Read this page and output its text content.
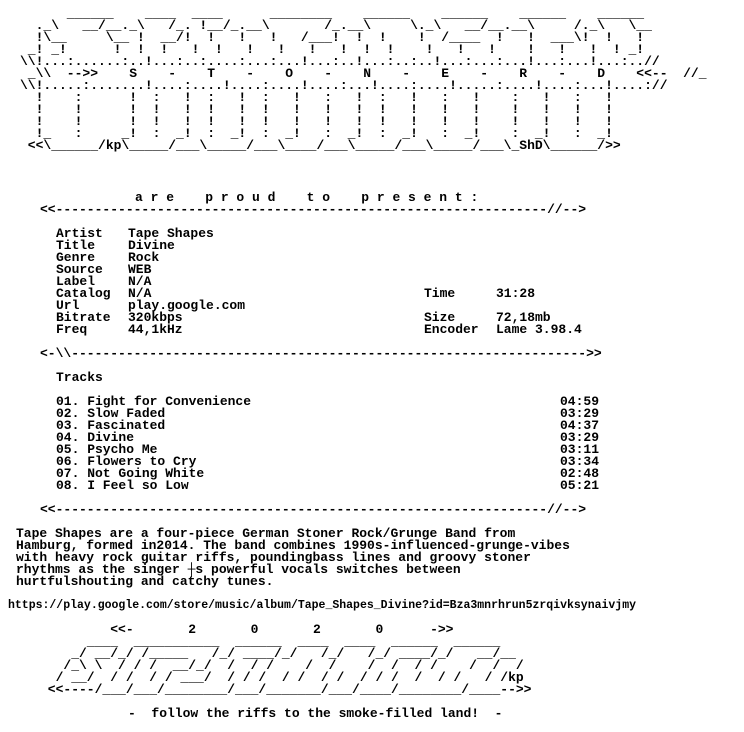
______    ____  ____      ________    ______    ______    ______    ______
._\   __/__._\   /_. !__/_.__\       /_.__\     \._\   __/__.__\     /._\   \__
!\__     \__ !  __/!  !   !   !   /___!  !  !    !  /____  !   !  ___\!  !   !
_! _!      !  !  !   !  !   !   !   !   !  !  !    !   !   !    !   !   !  ! _!
\\!...:......:..!...:..:....:...:...!...:..!...:..:..!...:...:...!...:...!...:..//
_\\  -->>    S    -    T    -    O    -    N    -    E    -    R    -    D    <<--  //_
\\!.....:.......!....:....!....:....!....:...!....:....!.....:....!....:...!....://
!    :      !  :   !  :   !  :   !   :   !  :   !   :   !    :   !   :   !
!    !      !  !   !  !   !  !   !   !   !  !   !   !   !    !   !   !   !
!    !      !  !   !  !   !  !   !   !   !  !   !   !   !    !   !   !   !
!_   :     _!  :  _!  :  _!  :  _!   :  _!  :  _!   :  _!    :  _!   :  _!
<<\______/kp\_____/___\_____/___\____/___\_____/___\_____/___\_ShD\______/>>
a r e    p r o u d    t o    p r e s e n t :
<<---------------------------------------------------------------//-->
Artist Tape Shapes
Title	Divine
Genre	Rock
Source WEB
Label	N/A
Catalog N/A
Url	play.google.com
Bitrate 320kbps
Freq	44,1kHz
Time	31:28
Size	72,18mb
Encoder Lame 3.98.4
<-\\------------------------------------------------------------------>>
Tracks
01. Fight for Convenience	04:59
02. Slow Faded	03:29
03. Fascinated	04:37
04. Divine	03:29
05. Psycho Me	03:11
06. Flowers to Cry	03:34
07. Not Going White	02:48
08. I Feel so Low	05:21
<<---------------------------------------------------------------//-->
Tape Shapes are a four-piece German Stoner Rock/Grunge Band from
Hamburg, formed in2014. The band combines 1990s-influenced-grunge-vibes
with heavy rock guitar riffs, poundingbass lines and groovy stoner
rhythms as the singer ┼s powerful vocals switches between
hurtfulshouting and catchy tunes.
https://play.google.com/store/music/album/Tape_Shapes_Divine?id=Bza3mnrhrun5zrqivksynaivjmy
<<-       2       0       2       0      ->>
____  ___________  ______  ____  ____  ______  ______
_/ __/_/ /_____   /_/ ____/_/   /_/   /_/ ____/_/   __/__
/_\ \  / / /  __/_/  /  / /    /  /    /  /  / /    /  /  /
/ __/  / /  / / ___/  / / /  / /  / /  / / /  /  / /   / /kp
<<----/___/___/________/___/_______/___/____/________/____-->>
-  follow the riffs to the smoke-filled land!  -
